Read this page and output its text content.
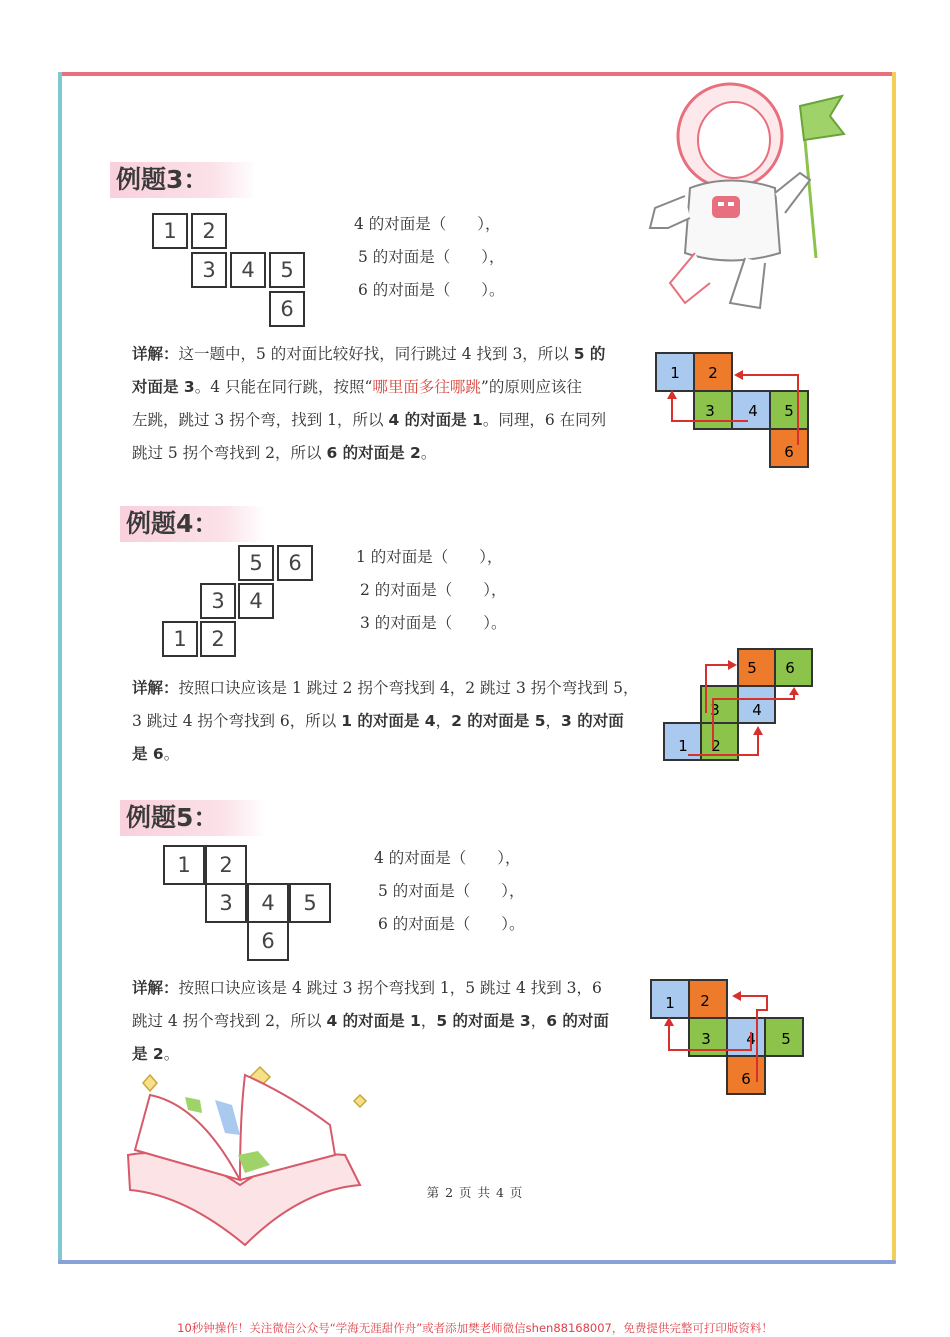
例题3：
1	2
3	4	5
6
4 的对面是（　　），
5 的对面是（　　），
6 的对面是（　　）。
详解：这一题中，5 的对面比较好找，同行跳过 4 找到 3，所以 5 的
对面是 3。4 只能在同行跳，按照“哪里面多往哪跳”的原则应该往
左跳，跳过 3 拐个弯，找到 1，所以 4 的对面是 1。同理，6 在同列
跳过 5 拐个弯找到 2，所以 6 的对面是 2。
1 2
3 4 5
6
例题4：
5	6
3	4
1	2
1 的对面是（　　），
2 的对面是（　　），
3 的对面是（　　）。
详解：按照口诀应该是 1 跳过 2 拐个弯找到 4，2 跳过 3 拐个弯找到 5，
3 跳过 4 拐个弯找到 6，所以 1 的对面是 4，2 的对面是 5，3 的对面
是 6。
5 6
3 4
1 2
例题5：
1	2
3	4	5
6
4 的对面是（　　），
5 的对面是（　　），
6 的对面是（　　）。
详解：按照口诀应该是 4 跳过 3 拐个弯找到 1，5 跳过 4 找到 3，6
跳过 4 拐个弯找到 2，所以 4 的对面是 1，5 的对面是 3，6 的对面
是 2。
1 2
3 4 5
6
第 2 页 共 4 页
10秒钟操作！关注微信公众号“学海无涯甜作舟”或者添加樊老师微信shen88168007，免费提供完整可打印版资料！
